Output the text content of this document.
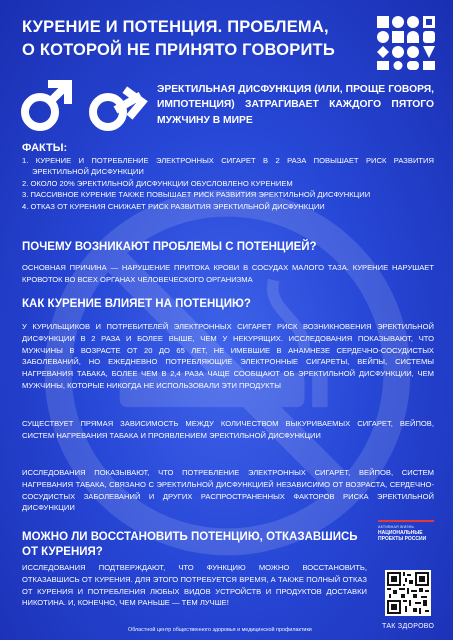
КУРЕНИЕ И ПОТЕНЦИЯ. ПРОБЛЕМА,
О КОТОРОЙ НЕ ПРИНЯТО ГОВОРИТЬ
ЭРЕКТИЛЬНАЯ ДИСФУНКЦИЯ (ИЛИ, ПРОЩЕ ГОВОРЯ, ИМПОТЕНЦИЯ) ЗАТРАГИВАЕТ КАЖДОГО ПЯТОГО МУЖЧИНУ В МИРЕ
ФАКТЫ:
1. КУРЕНИЕ И ПОТРЕБЛЕНИЕ ЭЛЕКТРОННЫХ СИГАРЕТ В 2 РАЗА ПОВЫШАЕТ РИСК РАЗВИТИЯ ЭРЕКТИЛЬНОЙ ДИСФУНКЦИИ
2. ОКОЛО 20% ЭРЕКТИЛЬНОЙ ДИСФУНКЦИИ ОБУСЛОВЛЕНО КУРЕНИЕМ
3. ПАССИВНОЕ КУРЕНИЕ ТАКЖЕ ПОВЫШАЕТ РИСК РАЗВИТИЯ ЭРЕКТИЛЬНОЙ ДИСФУНКЦИИ
4. ОТКАЗ ОТ КУРЕНИЯ СНИЖАЕТ РИСК РАЗВИТИЯ ЭРЕКТИЛЬНОЙ ДИСФУНКЦИИ
ПОЧЕМУ ВОЗНИКАЮТ ПРОБЛЕМЫ С ПОТЕНЦИЕЙ?
ОСНОВНАЯ ПРИЧИНА — НАРУШЕНИЕ ПРИТОКА КРОВИ В СОСУДАХ МАЛОГО ТАЗА. КУРЕНИЕ НАРУШАЕТ КРОВОТОК ВО ВСЕХ ОРГАНАХ ЧЕЛОВЕЧЕСКОГО ОРГАНИЗМА
КАК КУРЕНИЕ ВЛИЯЕТ НА ПОТЕНЦИЮ?
У КУРИЛЬЩИКОВ И ПОТРЕБИТЕЛЕЙ ЭЛЕКТРОННЫХ СИГАРЕТ РИСК ВОЗНИКНОВЕНИЯ ЭРЕКТИЛЬНОЙ ДИСФУНКЦИИ В 2 РАЗА И БОЛЕЕ ВЫШЕ, ЧЕМ У НЕКУРЯЩИХ. ИССЛЕДОВАНИЯ ПОКАЗЫВАЮТ, ЧТО МУЖЧИНЫ В ВОЗРАСТЕ ОТ 20 ДО 65 ЛЕТ, НЕ ИМЕВШИЕ В АНАМНЕЗЕ СЕРДЕЧНО-СОСУДИСТЫХ ЗАБОЛЕВАНИЙ, НО ЕЖЕДНЕВНО ПОТРЕБЛЯЮЩИЕ ЭЛЕКТРОННЫЕ СИГАРЕТЫ, ВЕЙПЫ, СИСТЕМЫ НАГРЕВАНИЯ ТАБАКА, БОЛЕЕ ЧЕМ В 2,4 РАЗА ЧАЩЕ СООБЩАЮТ ОБ ЭРЕКТИЛЬНОЙ ДИСФУНКЦИИ, ЧЕМ МУЖЧИНЫ, КОТОРЫЕ НИКОГДА НЕ ИСПОЛЬЗОВАЛИ ЭТИ ПРОДУКТЫ
СУЩЕСТВУЕТ ПРЯМАЯ ЗАВИСИМОСТЬ МЕЖДУ КОЛИЧЕСТВОМ ВЫКУРИВАЕМЫХ СИГАРЕТ, ВЕЙПОВ, СИСТЕМ НАГРЕВАНИЯ ТАБАКА И ПРОЯВЛЕНИЕМ ЭРЕКТИЛЬНОЙ ДИСФУНКЦИИ
ИССЛЕДОВАНИЯ ПОКАЗЫВАЮТ, ЧТО ПОТРЕБЛЕНИЕ ЭЛЕКТРОННЫХ СИГАРЕТ, ВЕЙПОВ, СИСТЕМ НАГРЕВАНИЯ ТАБАКА, СВЯЗАНО С ЭРЕКТИЛЬНОЙ ДИСФУНКЦИЕЙ НЕЗАВИСИМО ОТ ВОЗРАСТА, СЕРДЕЧНО-СОСУДИСТЫХ ЗАБОЛЕВАНИЙ И ДРУГИХ РАСПРОСТРАНЕННЫХ ФАКТОРОВ РИСКА ЭРЕКТИЛЬНОЙ ДИСФУНКЦИИ
МОЖНО ЛИ ВОССТАНОВИТЬ ПОТЕНЦИЮ, ОТКАЗАВШИСЬ
ОТ КУРЕНИЯ?
ИССЛЕДОВАНИЯ ПОДТВЕРЖДАЮТ, ЧТО ФУНКЦИЮ МОЖНО ВОССТАНОВИТЬ, ОТКАЗАВШИСЬ ОТ КУРЕНИЯ. ДЛЯ ЭТОГО ПОТРЕБУЕТСЯ ВРЕМЯ, А ТАКЖЕ ПОЛНЫЙ ОТКАЗ ОТ КУРЕНИЯ И ПОТРЕБЛЕНИЯ ЛЮБЫХ ВИДОВ УСТРОЙСТВ И ПРОДУКТОВ ДОСТАВКИ НИКОТИНА. И, КОНЕЧНО, ЧЕМ РАНЬШЕ — ТЕМ ЛУЧШЕ!
АКТИВНАЯ ЖИЗНЬ
НАЦИОНАЛЬНЫЕ ПРОЕКТЫ РОССИИ
ТАК ЗДОРОВО
Областной центр общественного здоровья и медицинской профилактики
